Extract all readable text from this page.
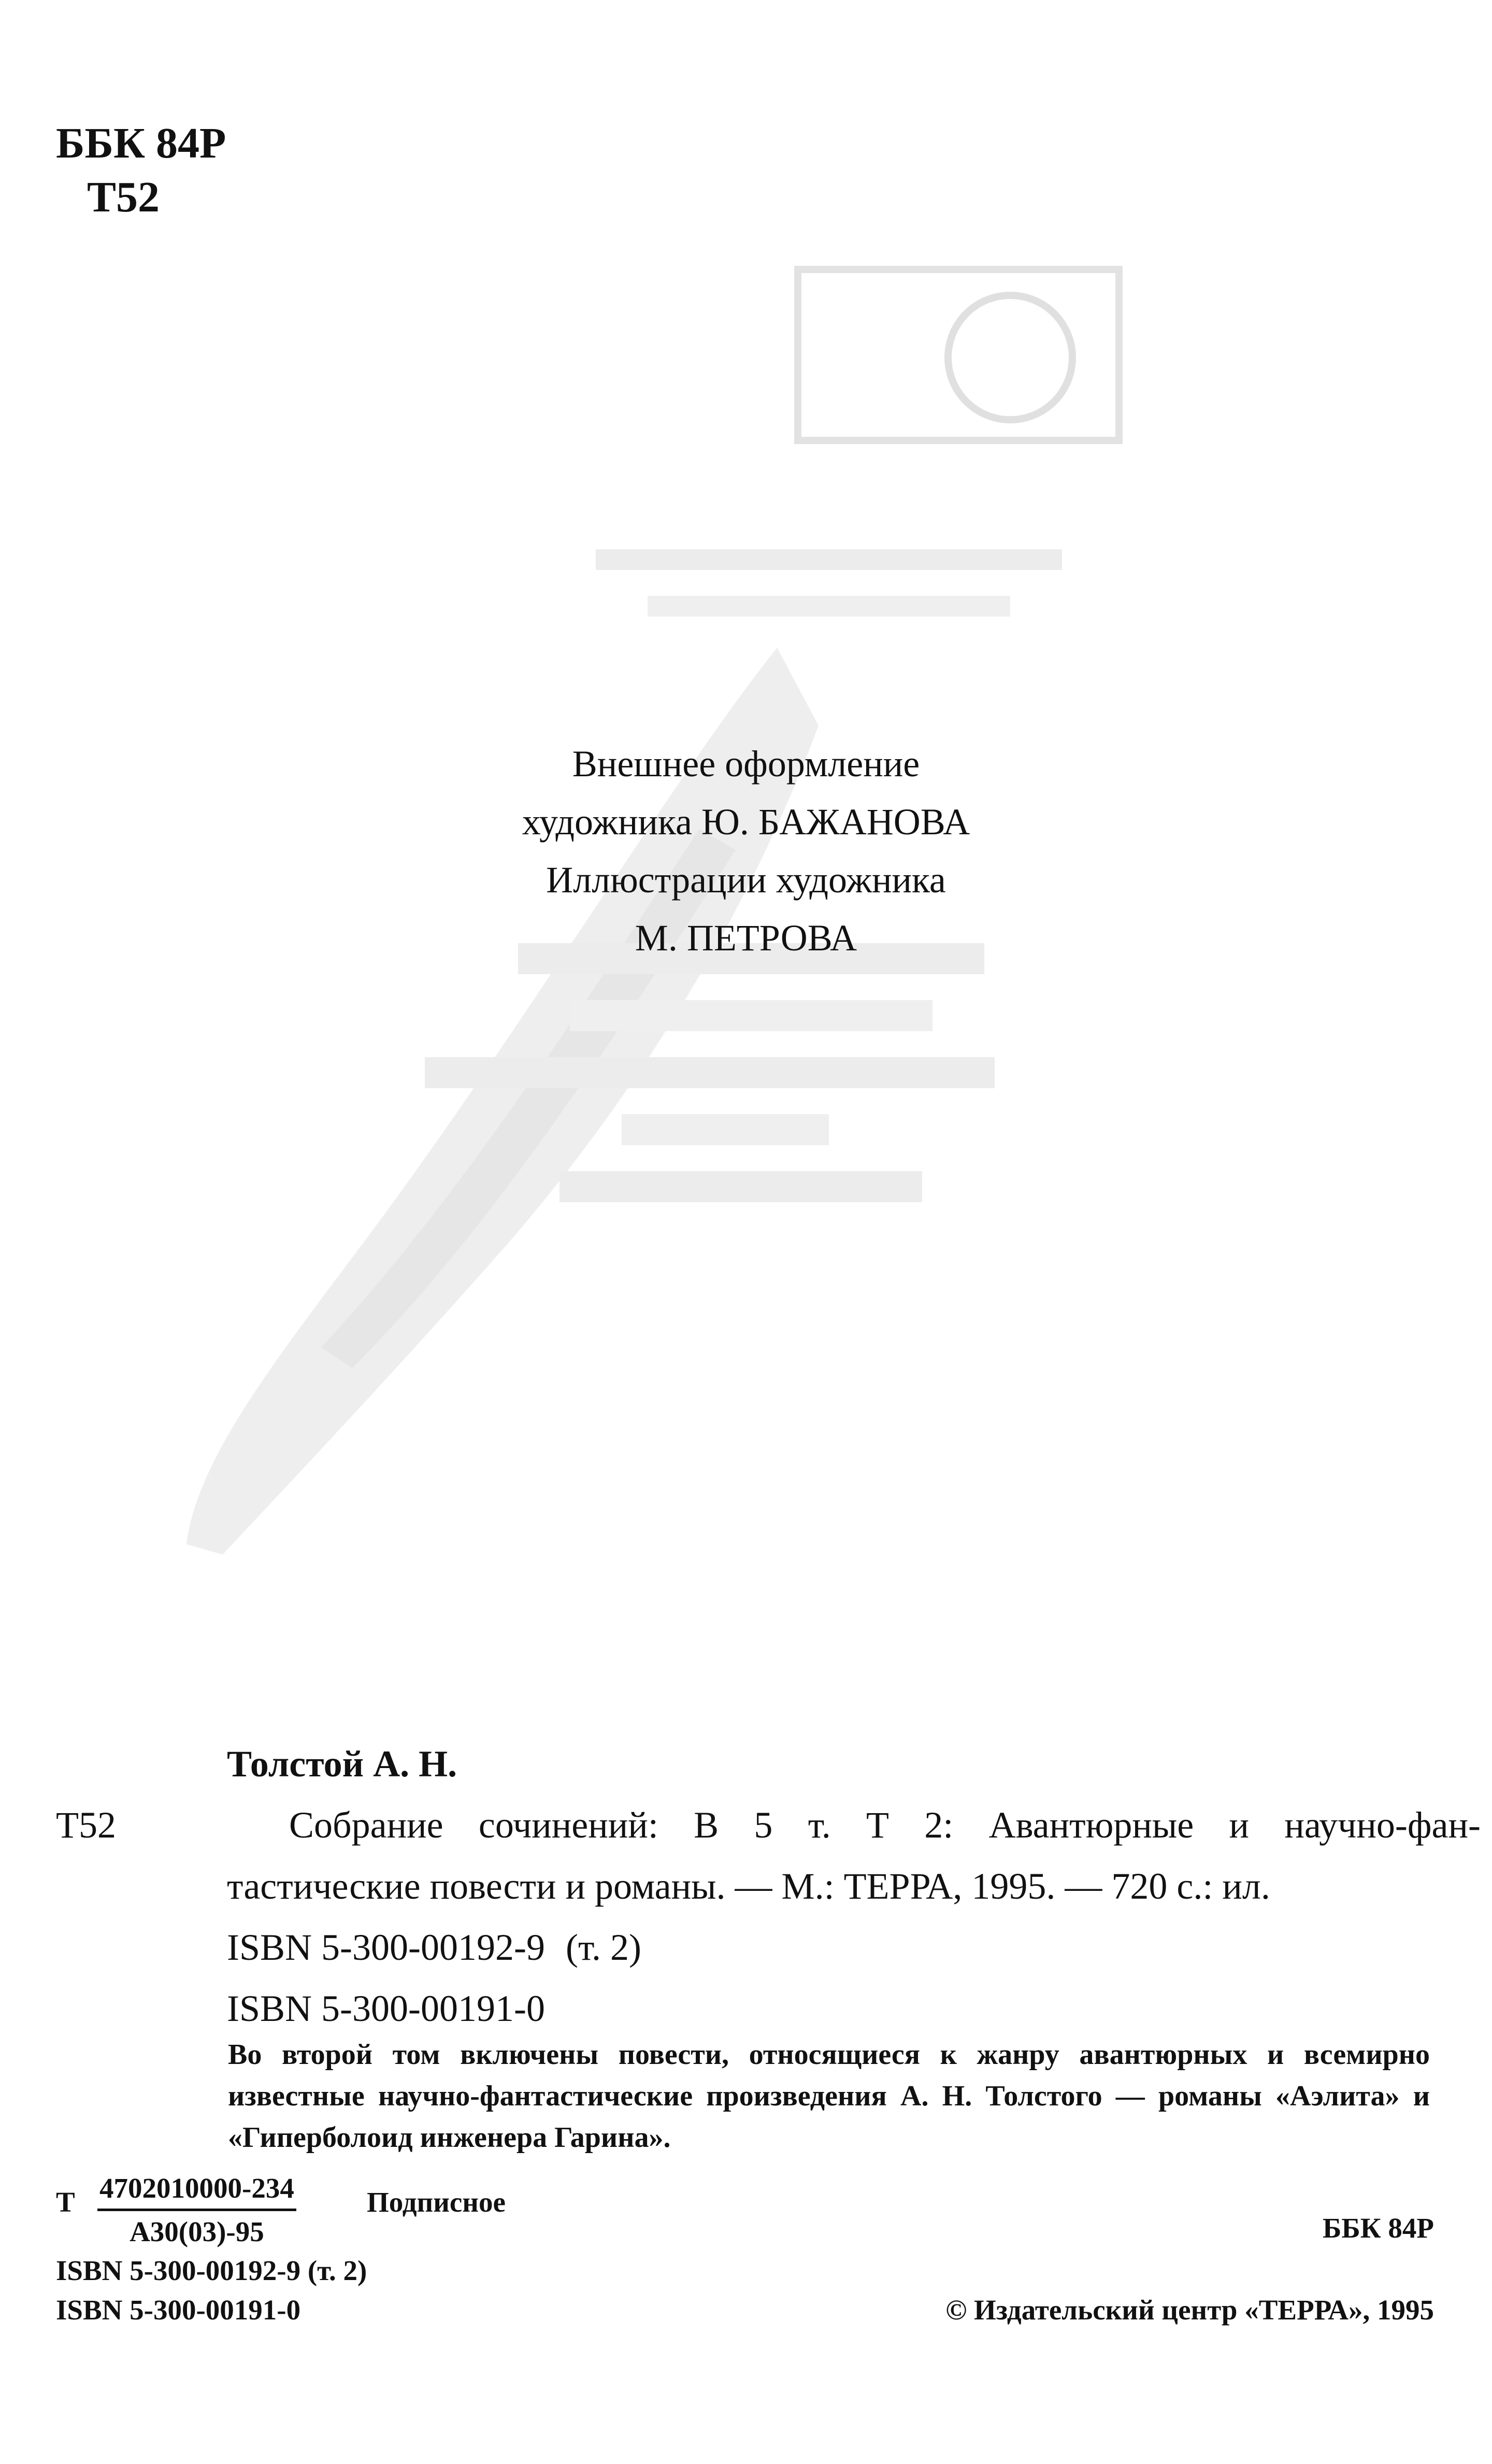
ББК 84Р
Т52
Внешнее оформление
художника Ю. БАЖАНОВА
Иллюстрации художника
М. ПЕТРОВА
Толстой А. Н.
Т52	Собрание сочинений: В 5 т. Т 2: Авантюрные и научно-фан-
тастические повести и романы. — М.: ТЕРРА, 1995. — 720 с.: ил.
ISBN 5-300-00192-9 (т. 2)
ISBN 5-300-00191-0

Во второй том включены повести, относящиеся к жанру авантюрных и всемирно известные научно-фантастические произведения А. Н. Толстого — романы «Аэлита» и «Гиперболоид инженера Гарина».

Т 4702010000-234
А30(03)-95
Подписное
ББК 84Р
ISBN 5-300-00192-9 (т. 2)
ISBN 5-300-00191-0	© Издательский центр «ТЕРРА», 1995
